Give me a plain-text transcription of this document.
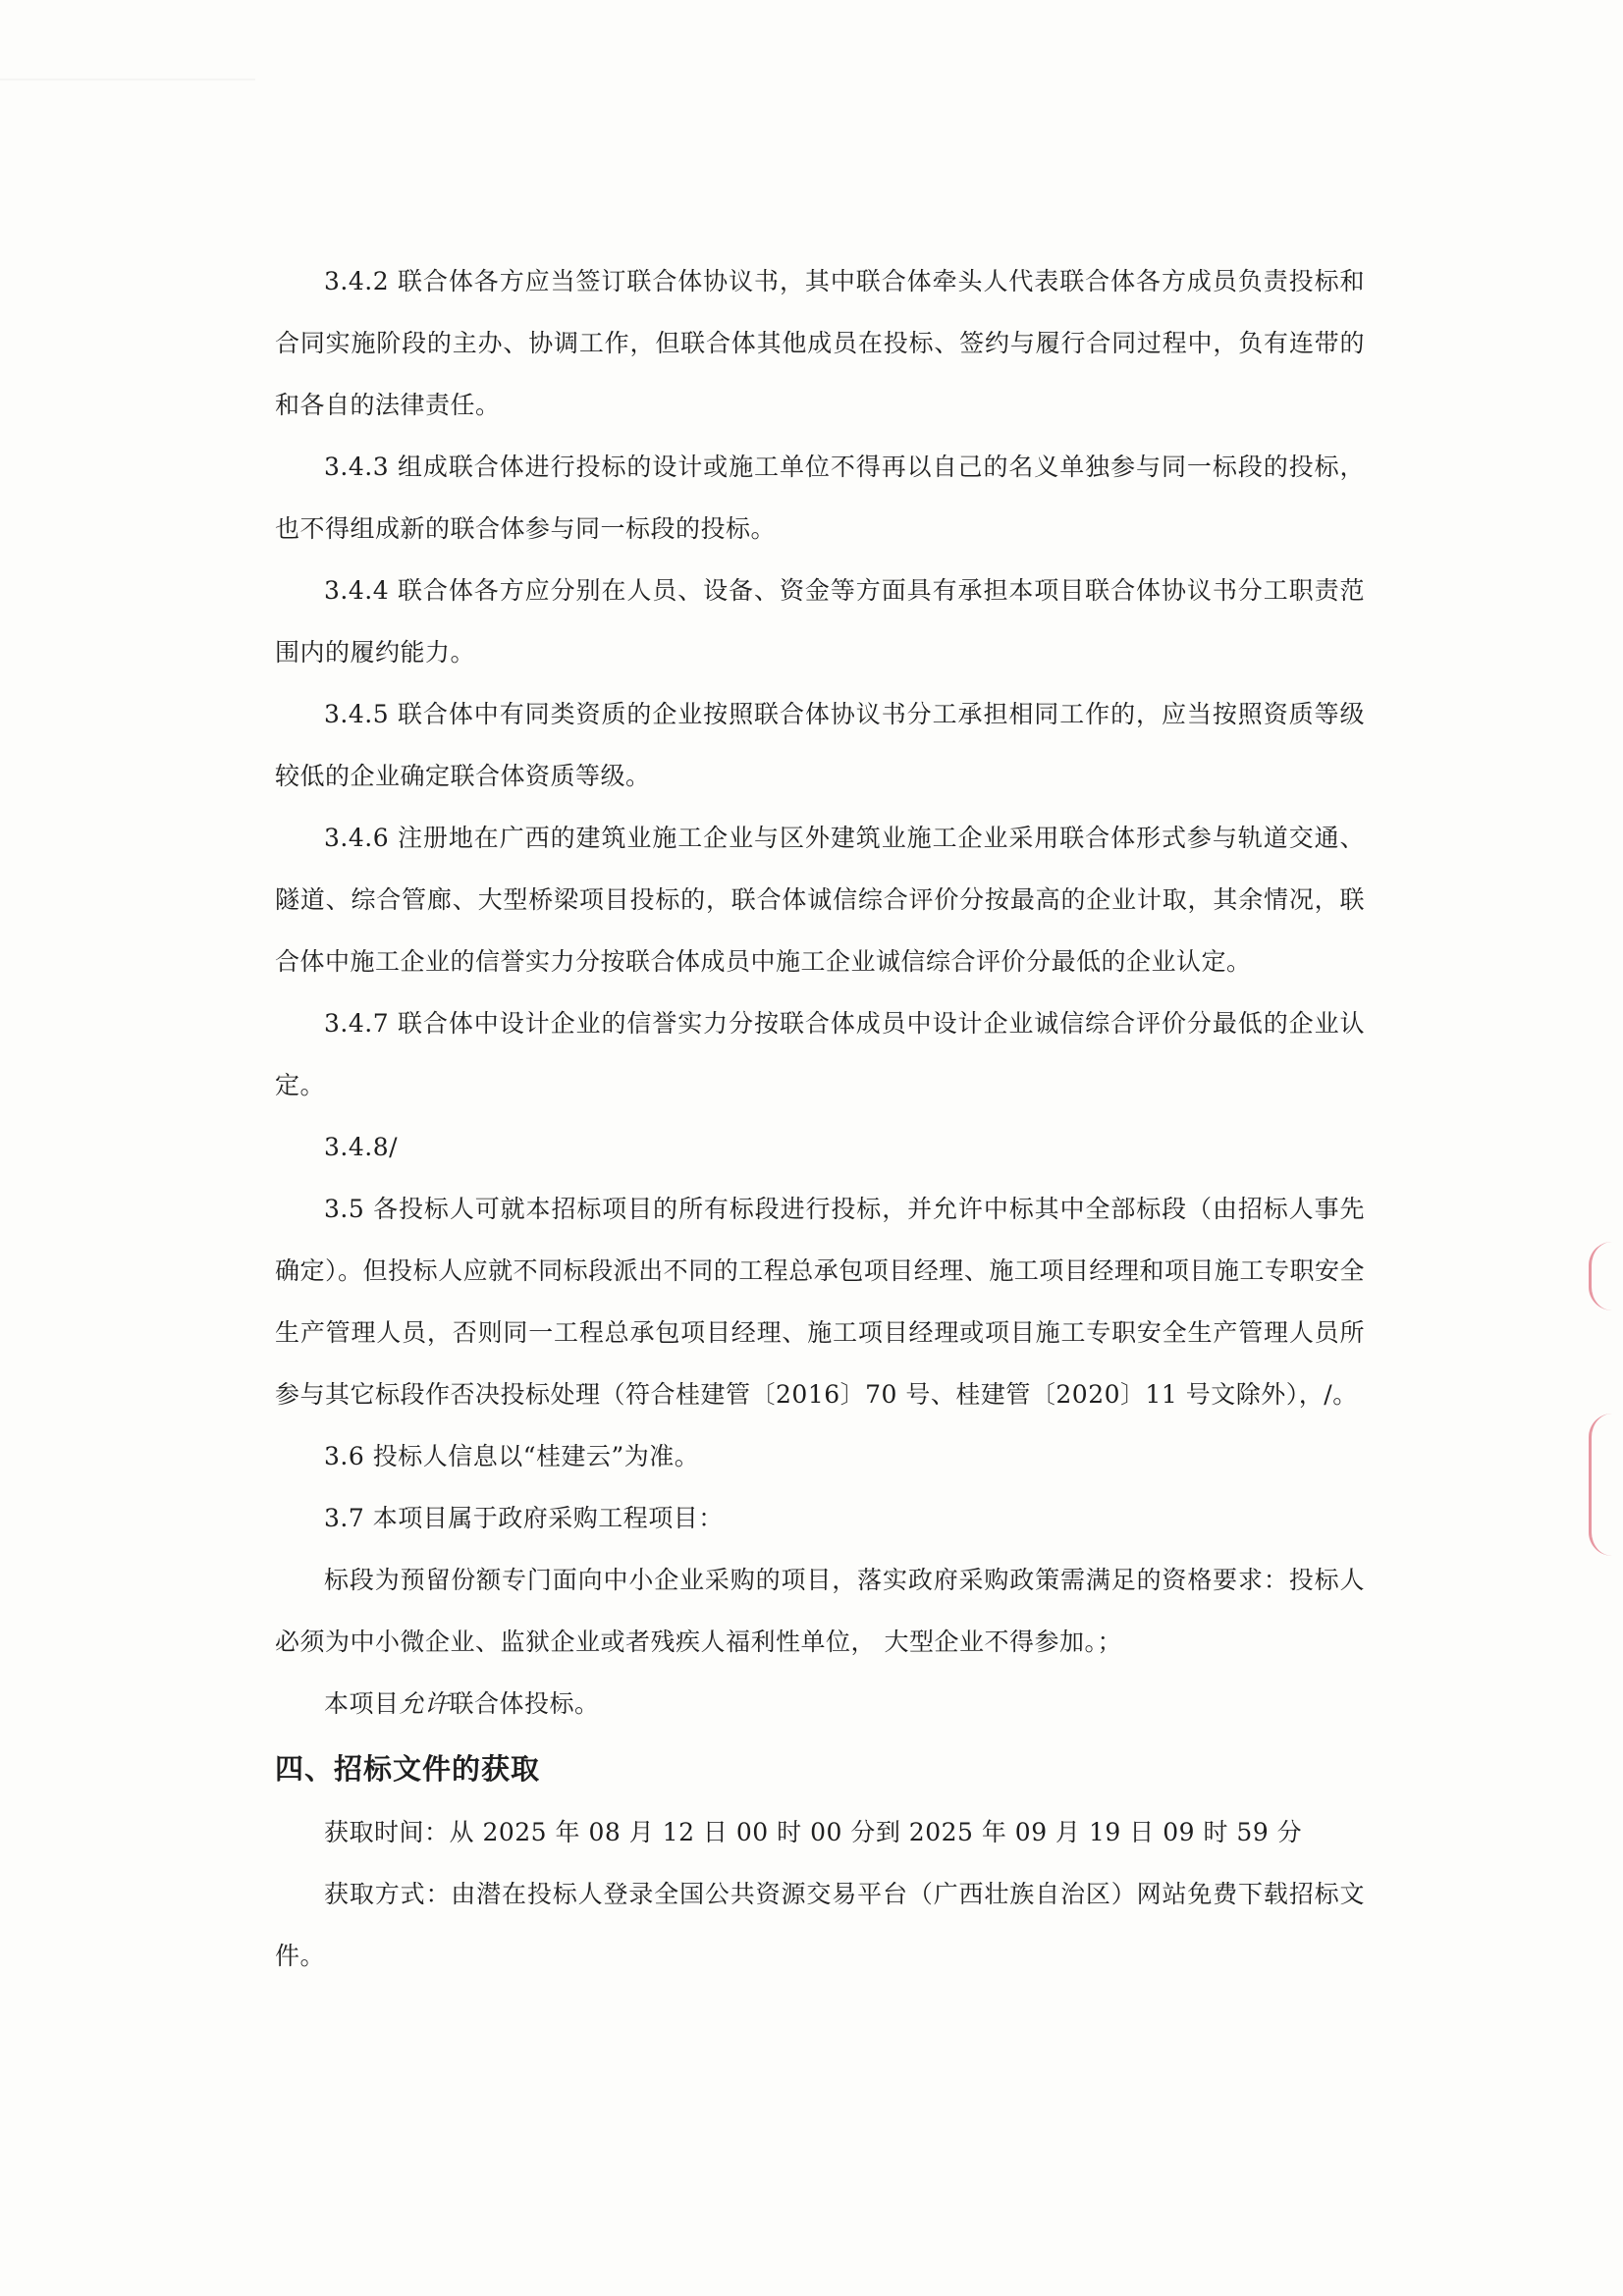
3.4.2 联合体各方应当签订联合体协议书，其中联合体牵头人代表联合体各方成员负责投标和合同实施阶段的主办、协调工作，但联合体其他成员在投标、签约与履行合同过程中，负有连带的和各自的法律责任。

3.4.3 组成联合体进行投标的设计或施工单位不得再以自己的名义单独参与同一标段的投标，也不得组成新的联合体参与同一标段的投标。

3.4.4 联合体各方应分别在人员、设备、资金等方面具有承担本项目联合体协议书分工职责范围内的履约能力。

3.4.5 联合体中有同类资质的企业按照联合体协议书分工承担相同工作的，应当按照资质等级较低的企业确定联合体资质等级。

3.4.6 注册地在广西的建筑业施工企业与区外建筑业施工企业采用联合体形式参与轨道交通、隧道、综合管廊、大型桥梁项目投标的，联合体诚信综合评价分按最高的企业计取，其余情况，联合体中施工企业的信誉实力分按联合体成员中施工企业诚信综合评价分最低的企业认定。

3.4.7 联合体中设计企业的信誉实力分按联合体成员中设计企业诚信综合评价分最低的企业认定。

3.4.8/

3.5 各投标人可就本招标项目的所有标段进行投标，并允许中标其中全部标段（由招标人事先确定）。但投标人应就不同标段派出不同的工程总承包项目经理、施工项目经理和项目施工专职安全生产管理人员，否则同一工程总承包项目经理、施工项目经理或项目施工专职安全生产管理人员所参与其它标段作否决投标处理（符合桂建管〔2016〕70 号、桂建管〔2020〕11 号文除外），/。

3.6 投标人信息以“桂建云”为准。

3.7 本项目属于政府采购工程项目：

标段为预留份额专门面向中小企业采购的项目，落实政府采购政策需满足的资格要求：投标人必须为中小微企业、监狱企业或者残疾人福利性单位， 大型企业不得参加。；

本项目允许联合体投标。

四、招标文件的获取

获取时间：从 2025 年 08 月 12 日 00 时 00 分到 2025 年 09 月 19 日 09 时 59 分

获取方式：由潜在投标人登录全国公共资源交易平台（广西壮族自治区）网站免费下载招标文件。
